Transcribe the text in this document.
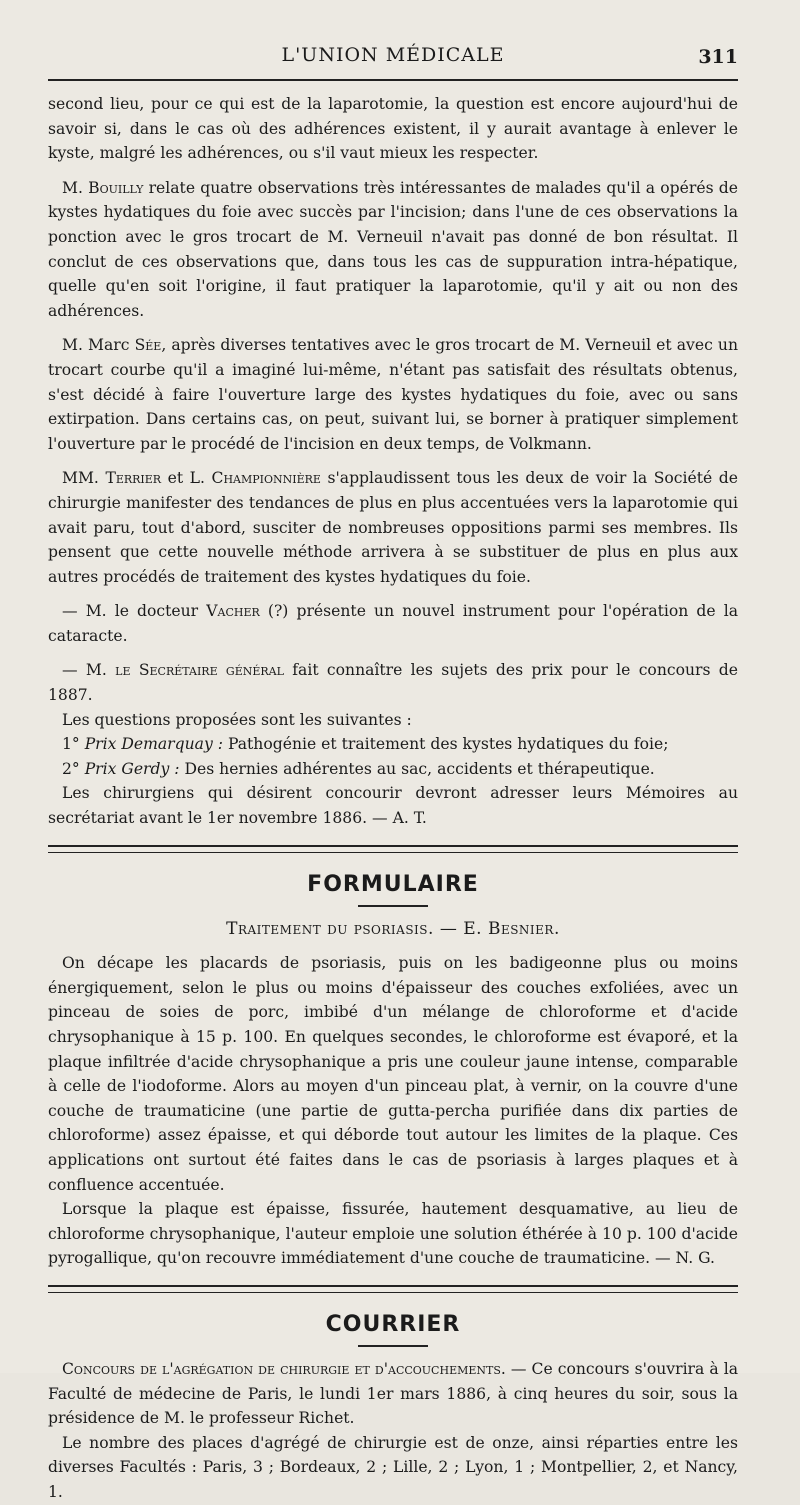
L'UNION MÉDICALE	311

second lieu, pour ce qui est de la laparotomie, la question est encore aujourd'hui de savoir si, dans le cas où des adhérences existent, il y aurait avantage à enlever le kyste, malgré les adhérences, ou s'il vaut mieux les respecter.

M. Bouilly relate quatre observations très intéressantes de malades qu'il a opérés de kystes hydatiques du foie avec succès par l'incision; dans l'une de ces observations la ponction avec le gros trocart de M. Verneuil n'avait pas donné de bon résultat. Il conclut de ces observations que, dans tous les cas de suppuration intra-hépatique, quelle qu'en soit l'origine, il faut pratiquer la laparotomie, qu'il y ait ou non des adhérences.

M. Marc Sée, après diverses tentatives avec le gros trocart de M. Verneuil et avec un trocart courbe qu'il a imaginé lui-même, n'étant pas satisfait des résultats obtenus, s'est décidé à faire l'ouverture large des kystes hydatiques du foie, avec ou sans extirpation. Dans certains cas, on peut, suivant lui, se borner à pratiquer simplement l'ouverture par le procédé de l'incision en deux temps, de Volkmann.

MM. Terrier et L. Championnière s'applaudissent tous les deux de voir la Société de chirurgie manifester des tendances de plus en plus accentuées vers la laparotomie qui avait paru, tout d'abord, susciter de nombreuses oppositions parmi ses membres. Ils pensent que cette nouvelle méthode arrivera à se substituer de plus en plus aux autres procédés de traitement des kystes hydatiques du foie.

— M. le docteur Vacher (?) présente un nouvel instrument pour l'opération de la cataracte.

— M. le Secrétaire général fait connaître les sujets des prix pour le concours de 1887.

Les questions proposées sont les suivantes :

1° Prix Demarquay : Pathogénie et traitement des kystes hydatiques du foie;

2° Prix Gerdy : Des hernies adhérentes au sac, accidents et thérapeutique.

Les chirurgiens qui désirent concourir devront adresser leurs Mémoires au secrétariat avant le 1er novembre 1886. — A. T.

FORMULAIRE
Traitement du psoriasis. — E. Besnier.

On décape les placards de psoriasis, puis on les badigeonne plus ou moins énergiquement, selon le plus ou moins d'épaisseur des couches exfoliées, avec un pinceau de soies de porc, imbibé d'un mélange de chloroforme et d'acide chrysophanique à 15 p. 100. En quelques secondes, le chloroforme est évaporé, et la plaque infiltrée d'acide chrysophanique a pris une couleur jaune intense, comparable à celle de l'iodoforme. Alors au moyen d'un pinceau plat, à vernir, on la couvre d'une couche de traumaticine (une partie de gutta-percha purifiée dans dix parties de chloroforme) assez épaisse, et qui déborde tout autour les limites de la plaque. Ces applications ont surtout été faites dans le cas de psoriasis à larges plaques et à confluence accentuée.

Lorsque la plaque est épaisse, fissurée, hautement desquamative, au lieu de chloroforme chrysophanique, l'auteur emploie une solution éthérée à 10 p. 100 d'acide pyrogallique, qu'on recouvre immédiatement d'une couche de traumaticine. — N. G.

COURRIER

Concours de l'agrégation de chirurgie et d'accouchements. — Ce concours s'ouvrira à la Faculté de médecine de Paris, le lundi 1er mars 1886, à cinq heures du soir, sous la présidence de M. le professeur Richet.

Le nombre des places d'agrégé de chirurgie est de onze, ainsi réparties entre les diverses Facultés : Paris, 3 ; Bordeaux, 2 ; Lille, 2 ; Lyon, 1 ; Montpellier, 2, et Nancy, 1.
